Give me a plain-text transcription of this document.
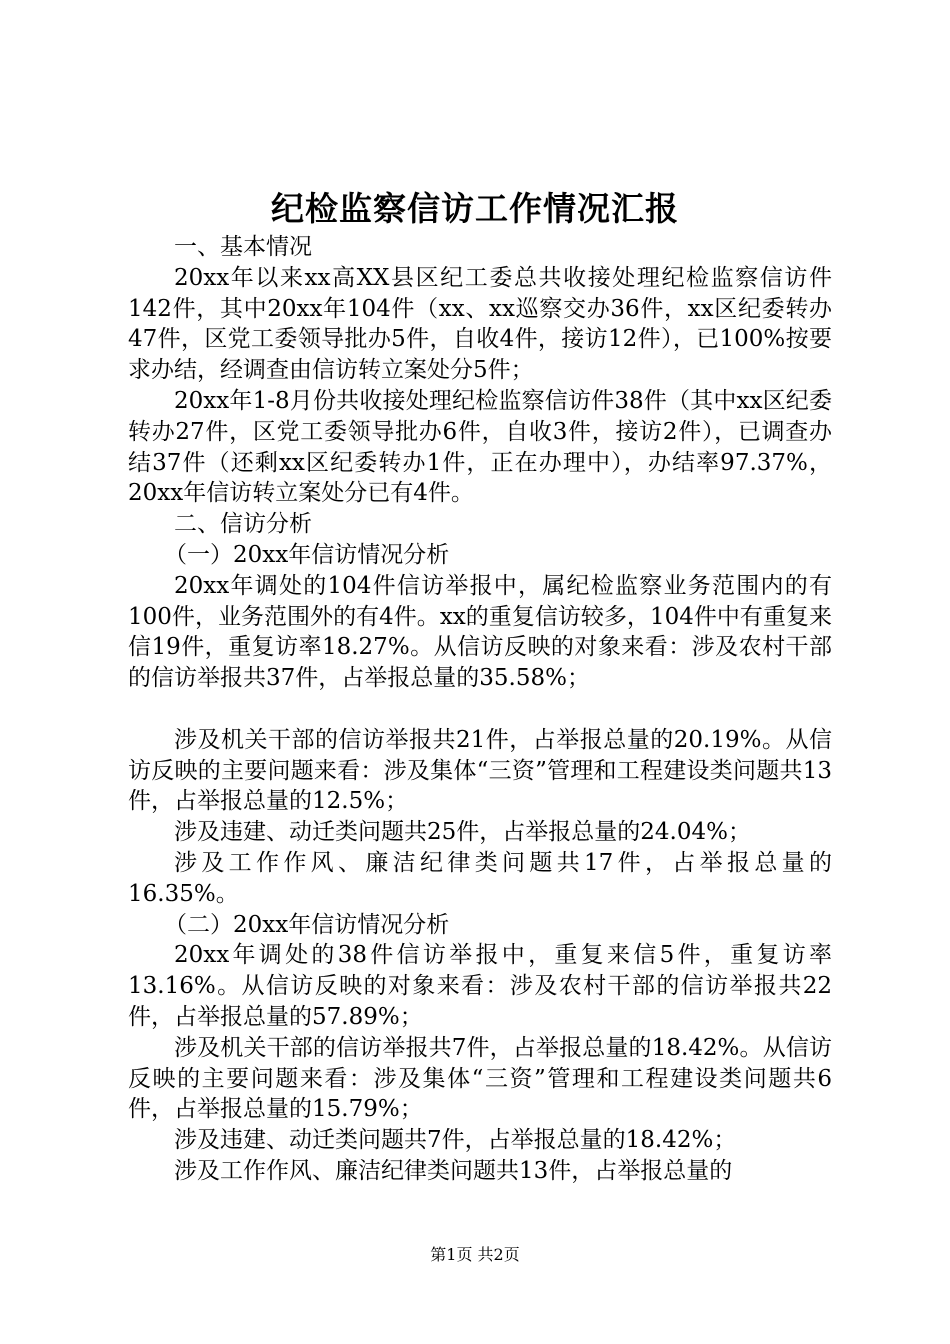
纪检监察信访工作情况汇报

一、基本情况

20xx年以来xx高XX县区纪工委总共收接处理纪检监察信访件142件，其中20xx年104件（xx、xx巡察交办36件，xx区纪委转办47件，区党工委领导批办5件，自收4件，接访12件），已100%按要求办结，经调查由信访转立案处分5件；

20xx年1-8月份共收接处理纪检监察信访件38件（其中xx区纪委转办27件，区党工委领导批办6件，自收3件，接访2件），已调查办结37件（还剩xx区纪委转办1件，正在办理中），办结率97.37%，20xx年信访转立案处分已有4件。

二、信访分析

（一）20xx年信访情况分析

20xx年调处的104件信访举报中，属纪检监察业务范围内的有100件，业务范围外的有4件。xx的重复信访较多，104件中有重复来信19件，重复访率18.27%。从信访反映的对象来看：涉及农村干部的信访举报共37件，占举报总量的35.58%；

涉及机关干部的信访举报共21件，占举报总量的20.19%。从信访反映的主要问题来看：涉及集体“三资”管理和工程建设类问题共13件，占举报总量的12.5%；

涉及违建、动迁类问题共25件，占举报总量的24.04%；

涉及工作作风、廉洁纪律类问题共17件，占举报总量的16.35%。

（二）20xx年信访情况分析

20xx年调处的38件信访举报中，重复来信5件，重复访率13.16%。从信访反映的对象来看：涉及农村干部的信访举报共22件，占举报总量的57.89%；

涉及机关干部的信访举报共7件，占举报总量的18.42%。从信访反映的主要问题来看：涉及集体“三资”管理和工程建设类问题共6件，占举报总量的15.79%；

涉及违建、动迁类问题共7件，占举报总量的18.42%；

涉及工作作风、廉洁纪律类问题共13件，占举报总量的

第1页 共2页
